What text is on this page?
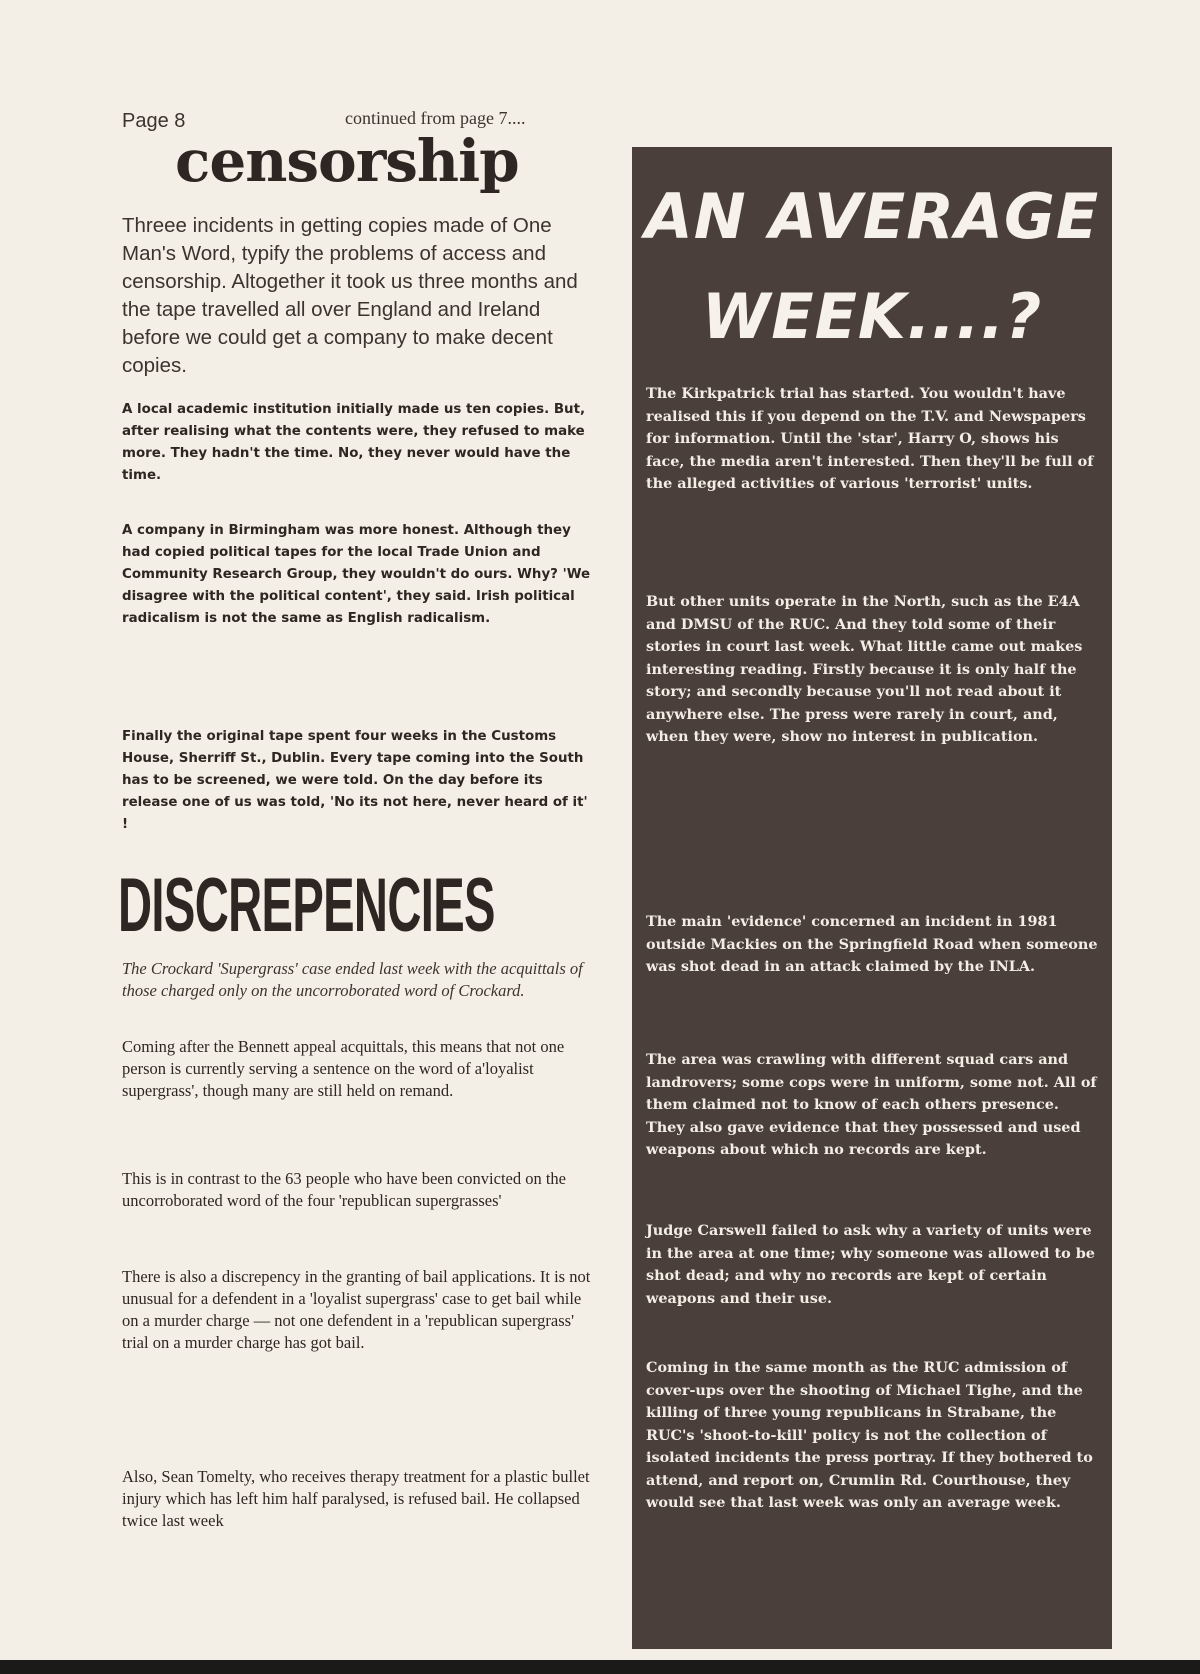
Page 8	continued from page 7....
censorship

Threee incidents in getting copies made of One Man's Word, typify the problems of access and censorship. Altogether it took us three months and the tape travelled all over England and Ireland before we could get a company to make decent copies.

A local academic institution initially made us ten copies. But, after realising what the contents were, they refused to make more. They hadn't the time. No, they never would have the time.

A company in Birmingham was more honest. Although they had copied political tapes for the local Trade Union and Community Research Group, they wouldn't do ours. Why? 'We disagree with the political content', they said. Irish political radicalism is not the same as English radicalism.

Finally the original tape spent four weeks in the Customs House, Sherriff St., Dublin. Every tape coming into the South has to be screened, we were told. On the day before its release one of us was told, 'No its not here, never heard of it' !

DISCREPENCIES

The Crockard 'Supergrass' case ended last week with the acquittals of those charged only on the uncorroborated word of Crockard.

Coming after the Bennett appeal acquittals, this means that not one person is currently serving a sentence on the word of a'loyalist supergrass', though many are still held on remand.

This is in contrast to the 63 people who have been convicted on the uncorroborated word of the four 'republican supergrasses'

There is also a discrepency in the granting of bail applications. It is not unusual for a defendent in a 'loyalist supergrass' case to get bail while on a murder charge — not one defendent in a 'republican supergrass' trial on a murder charge has got bail.

Also, Sean Tomelty, who receives therapy treatment for a plastic bullet injury which has left him half paralysed, is refused bail. He collapsed twice last week

AN AVERAGE
WEEK....?

The Kirkpatrick trial has started. You wouldn't have realised this if you depend on the T.V. and Newspapers for information. Until the 'star', Harry O, shows his face, the media aren't interested. Then they'll be full of the alleged activities of various 'terrorist' units.

But other units operate in the North, such as the E4A and DMSU of the RUC. And they told some of their stories in court last week. What little came out makes interesting reading. Firstly because it is only half the story; and secondly because you'll not read about it anywhere else. The press were rarely in court, and, when they were, show no interest in publication.

The main 'evidence' concerned an incident in 1981 outside Mackies on the Springfield Road when someone was shot dead in an attack claimed by the INLA.

The area was crawling with different squad cars and landrovers; some cops were in uniform, some not. All of them claimed not to know of each others presence. They also gave evidence that they possessed and used weapons about which no records are kept.

Judge Carswell failed to ask why a variety of units were in the area at one time; why someone was allowed to be shot dead; and why no records are kept of certain weapons and their use.

Coming in the same month as the RUC admission of cover-ups over the shooting of Michael Tighe, and the killing of three young republicans in Strabane, the RUC's 'shoot-to-kill' policy is not the collection of isolated incidents the press portray. If they bothered to attend, and report on, Crumlin Rd. Courthouse, they would see that last week was only an average week.
